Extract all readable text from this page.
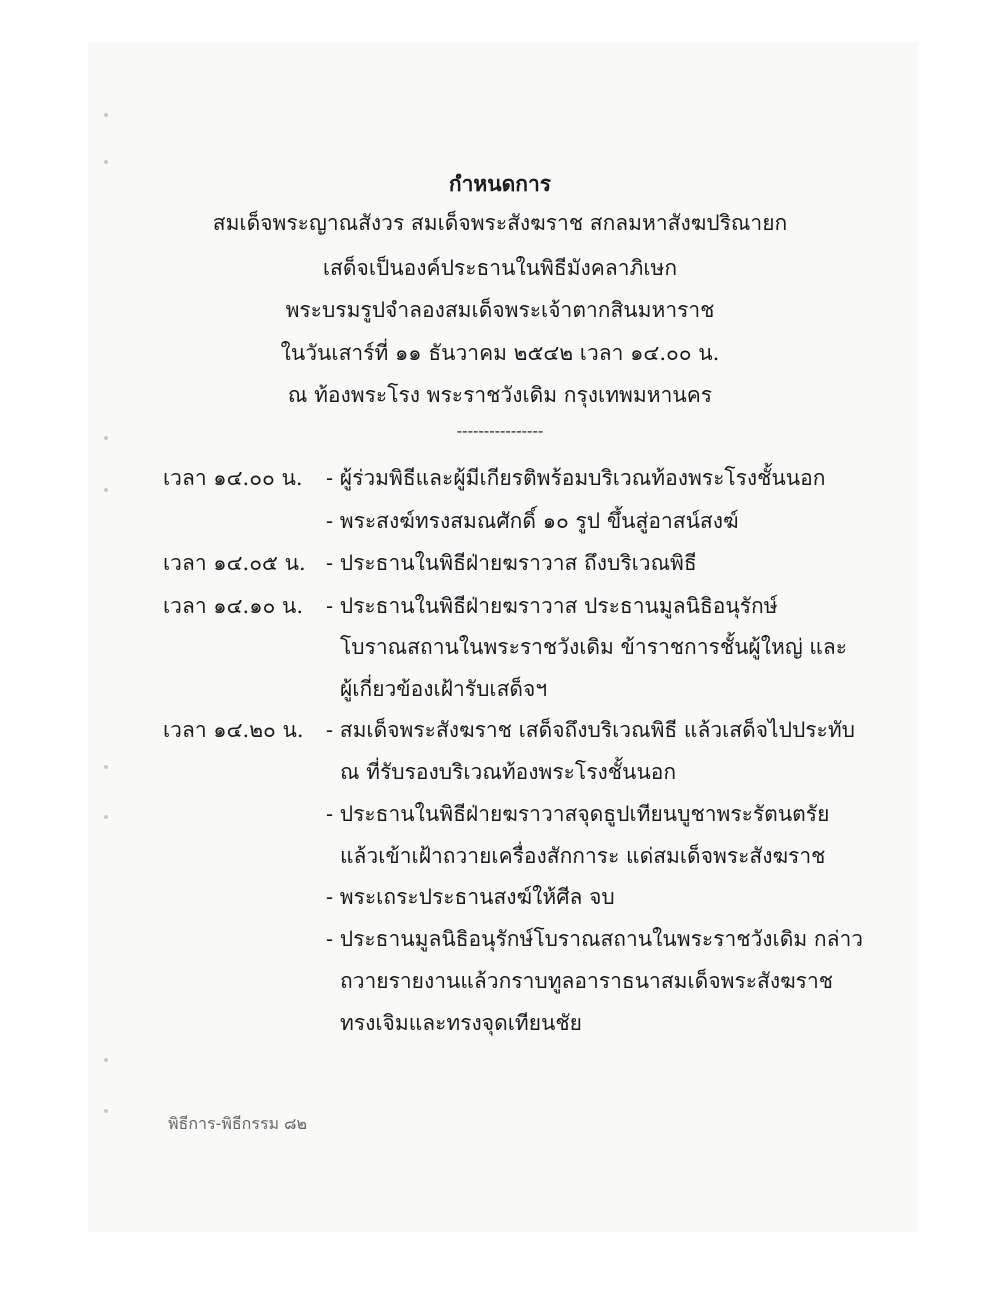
กำหนดการ
สมเด็จพระญาณสังวร สมเด็จพระสังฆราช สกลมหาสังฆปริณายก
เสด็จเป็นองค์ประธานในพิธีมังคลาภิเษก
พระบรมรูปจำลองสมเด็จพระเจ้าตากสินมหาราช
ในวันเสาร์ที่ ๑๑ ธันวาคม ๒๕๔๒ เวลา ๑๔.๐๐ น.
ณ ท้องพระโรง พระราชวังเดิม กรุงเทพมหานคร
----------------
เวลา ๑๔.๐๐ น. - ผู้ร่วมพิธีและผู้มีเกียรติพร้อมบริเวณท้องพระโรงชั้นนอก
- พระสงฆ์ทรงสมณศักดิ์ ๑๐ รูป ขึ้นสู่อาสน์สงฆ์
เวลา ๑๔.๐๕ น. - ประธานในพิธีฝ่ายฆราวาส ถึงบริเวณพิธี
เวลา ๑๔.๑๐ น. - ประธานในพิธีฝ่ายฆราวาส ประธานมูลนิธิอนุรักษ์
โบราณสถานในพระราชวังเดิม ข้าราชการชั้นผู้ใหญ่ และ
ผู้เกี่ยวข้องเฝ้ารับเสด็จฯ
เวลา ๑๔.๒๐ น. - สมเด็จพระสังฆราช เสด็จถึงบริเวณพิธี แล้วเสด็จไปประทับ
ณ ที่รับรองบริเวณท้องพระโรงชั้นนอก
- ประธานในพิธีฝ่ายฆราวาสจุดธูปเทียนบูชาพระรัตนตรัย
แล้วเข้าเฝ้าถวายเครื่องสักการะ แด่สมเด็จพระสังฆราช
- พระเถระประธานสงฆ์ให้ศีล จบ
- ประธานมูลนิธิอนุรักษ์โบราณสถานในพระราชวังเดิม กล่าว
ถวายรายงานแล้วกราบทูลอาราธนาสมเด็จพระสังฆราช
ทรงเจิมและทรงจุดเทียนชัย
พิธีการ-พิธีกรรม ๘๒
